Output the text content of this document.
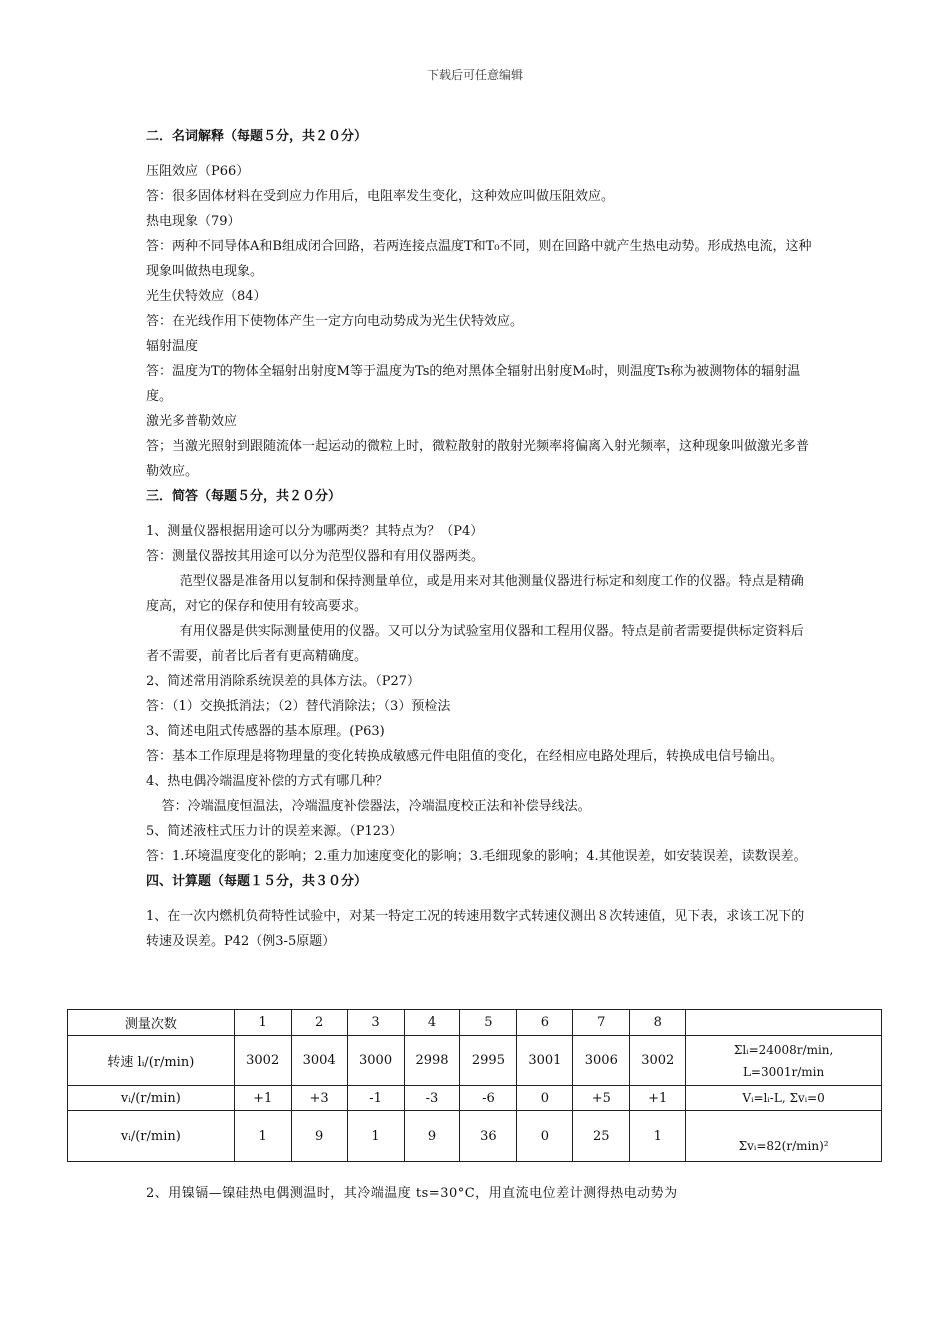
下载后可任意编辑

二．名词解释（每题５分，共２０分）

压阻效应（P66）

答：很多固体材料在受到应力作用后，电阻率发生变化，这种效应叫做压阻效应。

热电现象（79）

答：两种不同导体A和B组成闭合回路，若两连接点温度T和T₀不同，则在回路中就产生热电动势。形成热电流，这种现象叫做热电现象。

光生伏特效应（84）

答：在光线作用下使物体产生一定方向电动势成为光生伏特效应。

辐射温度

答：温度为T的物体全辐射出射度M等于温度为Ts的绝对黑体全辐射出射度M₀时，则温度Ts称为被测物体的辐射温度。

激光多普勒效应

答；当激光照射到跟随流体一起运动的微粒上时，微粒散射的散射光频率将偏离入射光频率，这种现象叫做激光多普勒效应。

三．简答（每题５分，共２０分）

1、测量仪器根据用途可以分为哪两类？其特点为？（P4）

答：测量仪器按其用途可以分为范型仪器和有用仪器两类。

范型仪器是准备用以复制和保持测量单位，或是用来对其他测量仪器进行标定和刻度工作的仪器。特点是精确度高，对它的保存和使用有较高要求。

有用仪器是供实际测量使用的仪器。又可以分为试验室用仪器和工程用仪器。特点是前者需要提供标定资料后者不需要，前者比后者有更高精确度。

2、简述常用消除系统误差的具体方法。（P27）

答：（1）交换抵消法；（2）替代消除法；（3）预检法

3、简述电阻式传感器的基本原理。(P63)

答：基本工作原理是将物理量的变化转换成敏感元件电阻值的变化，在经相应电路处理后，转换成电信号输出。

4、热电偶冷端温度补偿的方式有哪几种？

答：冷端温度恒温法，冷端温度补偿器法，冷端温度校正法和补偿导线法。

5、简述液柱式压力计的误差来源。（P123）

答：1.环境温度变化的影响；2.重力加速度变化的影响；3.毛细现象的影响；4.其他误差，如安装误差，读数误差。

四、计算题（每题１５分，共３０分）

1、在一次内燃机负荷特性试验中，对某一特定工况的转速用数字式转速仪测出８次转速值，见下表，求该工况下的转速及误差。P42（例3-5原题）

测量次数	1	2	3	4	5	6	7	8	
转速 lᵢ/(r/min)	3002	3004	3000	2998	2995	3001	3006	3002	Σlᵢ=24008r/min,
L=3001r/min

vᵢ/(r/min)	+1	+3	-1	-3	-6	0	+5	+1	Vᵢ=lᵢ-L, Σvᵢ=0
vᵢ/(r/min)	1	9	1	9	36	0	25	1	Σvᵢ=82(r/min)²

2、用镍镉—镍硅热电偶测温时，其冷端温度 ts=30°C，用直流电位差计测得热电动势为
